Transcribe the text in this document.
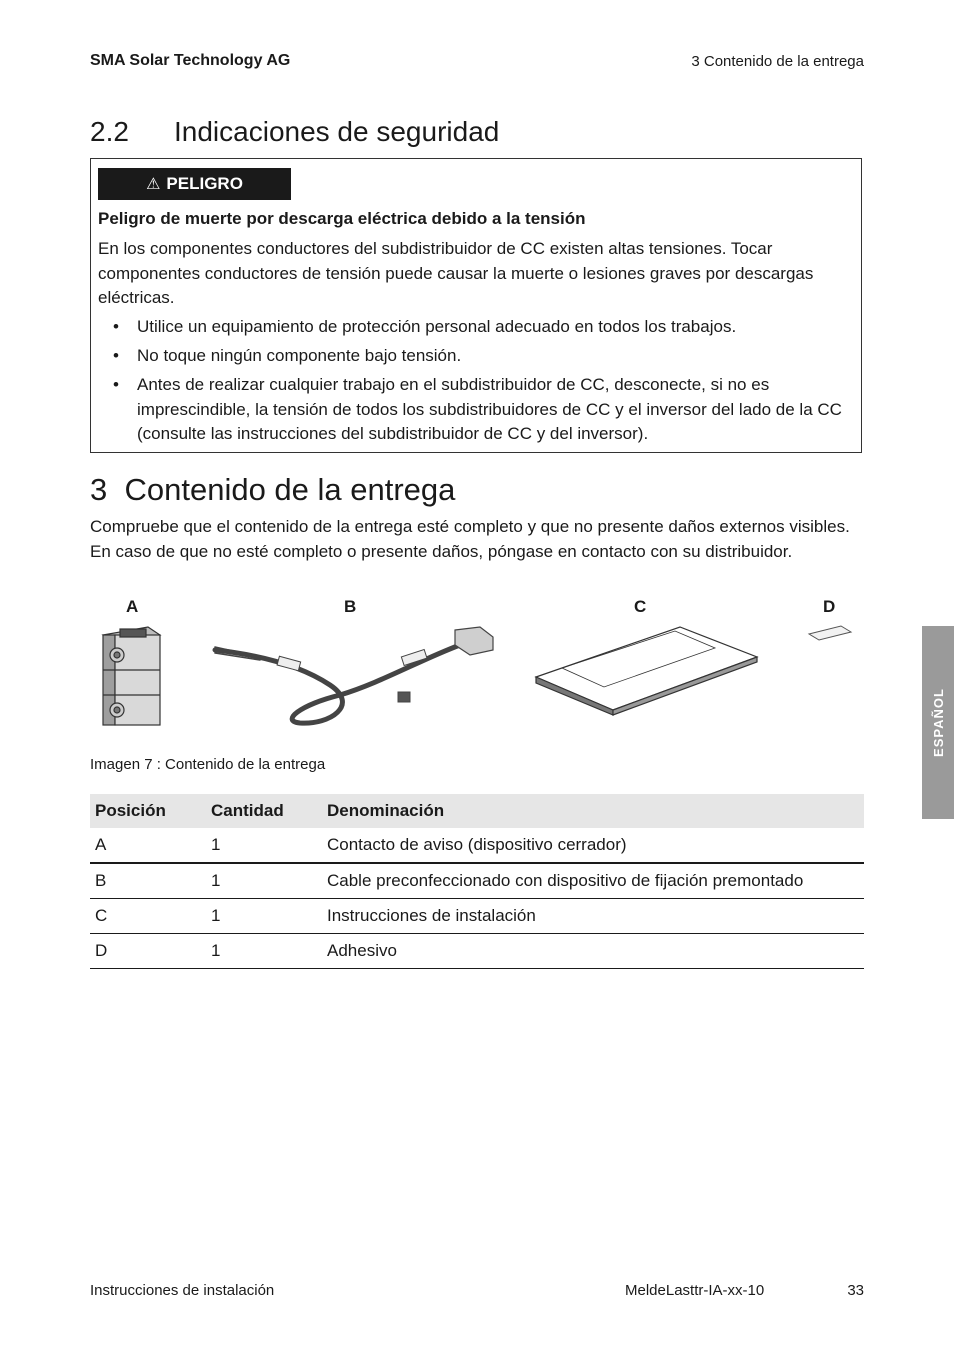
SMA Solar Technology AG	3 Contenido de la entrega
2.2 Indicaciones de seguridad
⚠ PELIGRO
Peligro de muerte por descarga eléctrica debido a la tensión
En los componentes conductores del subdistribuidor de CC existen altas tensiones. Tocar componentes conductores de tensión puede causar la muerte o lesiones graves por descargas eléctricas.
• Utilice un equipamiento de protección personal adecuado en todos los trabajos.
• No toque ningún componente bajo tensión.
• Antes de realizar cualquier trabajo en el subdistribuidor de CC, desconecte, si no es imprescindible, la tensión de todos los subdistribuidores de CC y el inversor del lado de la CC (consulte las instrucciones del subdistribuidor de CC y del inversor).
3 Contenido de la entrega
Compruebe que el contenido de la entrega esté completo y que no presente daños externos visibles. En caso de que no esté completo o presente daños, póngase en contacto con su distribuidor.
A	B	C	D
Imagen 7 : Contenido de la entrega
Posición	Cantidad	Denominación
A	1	Contacto de aviso (dispositivo cerrador)
B	1	Cable preconfeccionado con dispositivo de fijación premontado
C	1	Instrucciones de instalación
D	1	Adhesivo
ESPAÑOL
Instrucciones de instalación	MeldeLasttr-IA-xx-10	33
